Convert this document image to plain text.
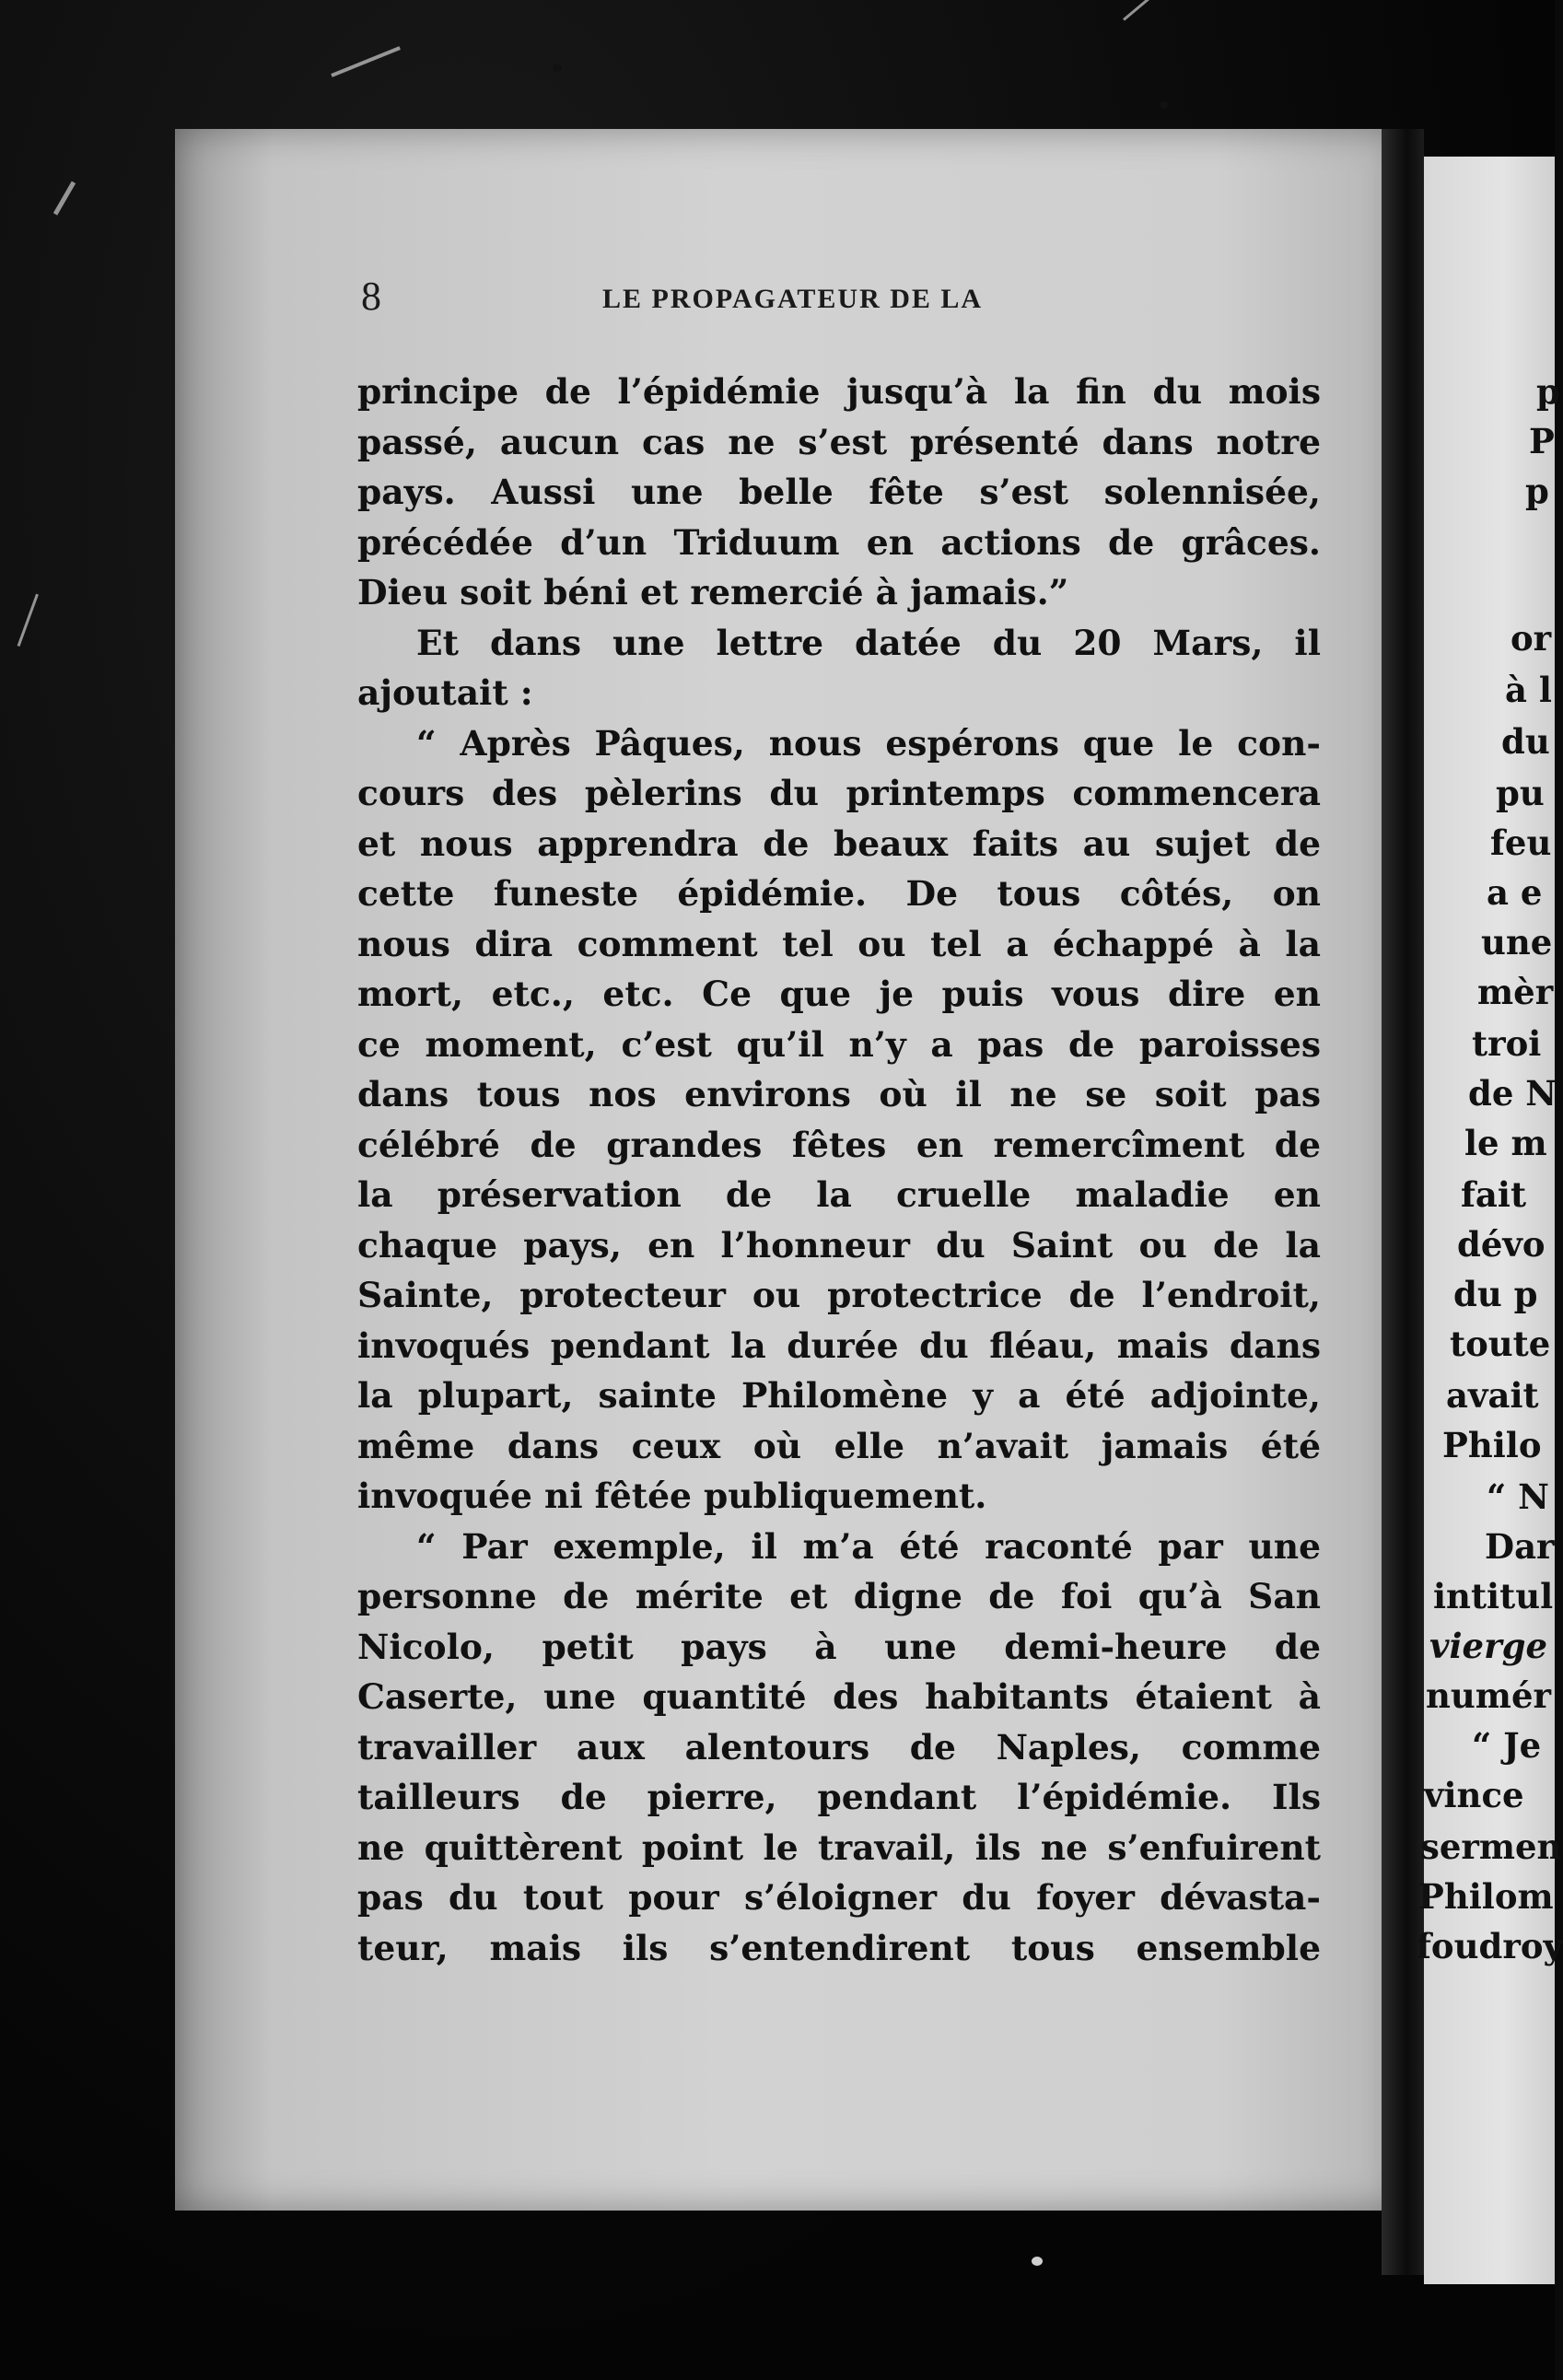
8	LE PROPAGATEUR DE LA
principe de l’épidémie jusqu’à la fin du mois
passé, aucun cas ne s’est présenté dans notre
pays. Aussi une belle fête s’est solennisée,
précédée d’un Triduum en actions de grâces.
Dieu soit béni et remercié à jamais.”
Et dans une lettre datée du 20 Mars, il
ajoutait :
“ Après Pâques, nous espérons que le con-
cours des pèlerins du printemps commencera
et nous apprendra de beaux faits au sujet de
cette funeste épidémie. De tous côtés, on
nous dira comment tel ou tel a échappé à la
mort, etc., etc. Ce que je puis vous dire en
ce moment, c’est qu’il n’y a pas de paroisses
dans tous nos environs où il ne se soit pas
célébré de grandes fêtes en remercîment de
la préservation de la cruelle maladie en
chaque pays, en l’honneur du Saint ou de la
Sainte, protecteur ou protectrice de l’endroit,
invoqués pendant la durée du fléau, mais dans
la plupart, sainte Philomène y a été adjointe,
même dans ceux où elle n’avait jamais été
invoquée ni fêtée publiquement.
“ Par exemple, il m’a été raconté par une
personne de mérite et digne de foi qu’à San
Nicolo, petit pays à une demi-heure de
Caserte, une quantité des habitants étaient à
travailler aux alentours de Naples, comme
tailleurs de pierre, pendant l’épidémie. Ils
ne quittèrent point le travail, ils ne s’enfuirent
pas du tout pour s’éloigner du foyer dévasta-
teur, mais ils s’entendirent tous ensemble
p
P
p
or
à l
du
pu
feu
a e
une
mèr
troi
de N
le m
fait
dévo
du p
toute
avait
Philo
“ N
Dar
intitul
vierge
numér
“ Je
vince
sermen
Philom
foudroy
